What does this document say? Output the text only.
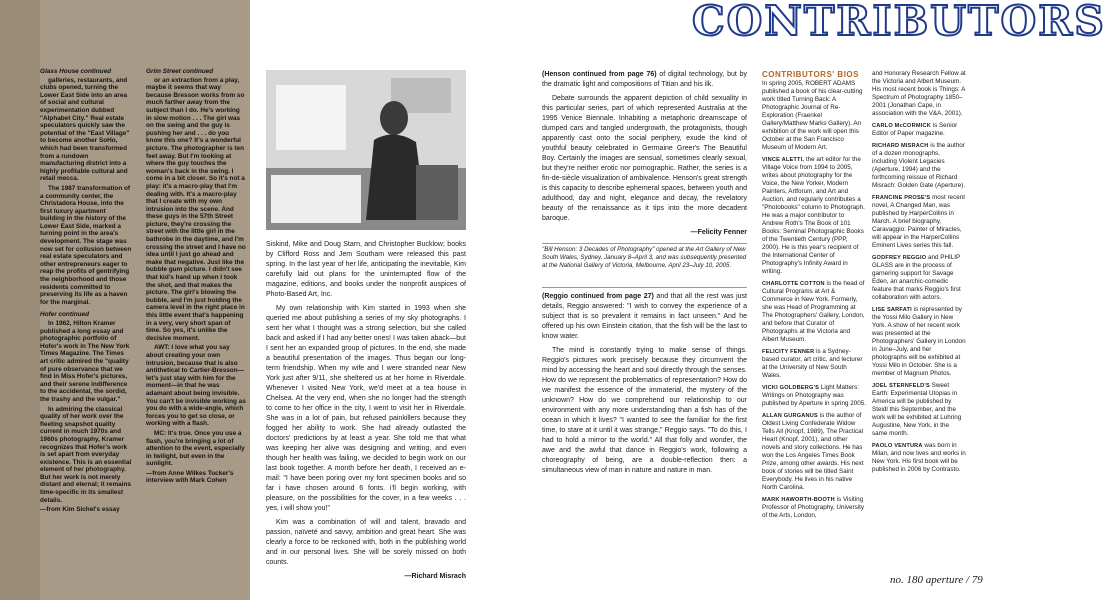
Glass House continued

galleries, restaurants, and clubs opened, turning the Lower East Side into an area of social and cultural experimentation dubbed "Alphabet City." Real estate speculators quickly saw the potential of the "East Village" to become another SoHo, which had been transformed from a rundown manufacturing district into a highly profitable cultural and retail mecca.

The 1987 transformation of a community center, the Christadora House, into the first luxury apartment building in the history of the Lower East Side, marked a turning point in the area's development. The stage was now set for collusion between real estate speculators and other entrepreneurs eager to reap the profits of gentrifying the neighborhood and those residents committed to preserving its life as a haven for the marginal.

Hofer continued

In 1962, Hilton Kramer published a long essay and photographic portfolio of Hofer's work in The New York Times Magazine. The Times art critic admired the "quality of pure observance that we find in Miss Hofer's pictures, and their serene indifference to the accidental, the sordid, the trashy and the vulgar."

In admiring the classical quality of her work over the fleeting snapshot quality current in much 1970s and 1960s photography, Kramer recognizes that Hofer's work is set apart from everyday existence. This is an essential element of her photography. But her work is not merely distant and eternal; it remains time-specific in its smallest details.

—from Kim Sichel's essay
Grim Street continued

or an extraction from a play, maybe it seems that way because Bresson works from so much farther away from the subject than I do. He's working in slow motion . . . The girl was on the swing and the guy is pushing her and . . . do you know this one? It's a wonderful picture. The photographer is ten feet away. But I'm looking at where the guy touches the woman's back in the swing. I come in a bit closer. So it's not a play: it's a macro-play that I'm dealing with. It's a macro-play that I create with my own intrusion into the scene. And these guys in the 57th Street picture, they're crossing the street with the little girl in the bathrobe in the daytime, and I'm crossing the street and I have no idea until I just go ahead and make that negative. Just like the bubble gum picture. I didn't see that kid's hand up when I took the shot, and that makes the picture. The girl's blowing the bubble, and I'm just holding the camera level in the right place in this little event that's happening in a very, very short span of time. So yes, it's unlike the decisive moment.

AWT: I love what you say about creating your own intrusion, because that is also antithetical to Cartier-Bresson—let's just stay with him for the moment—in that he was adamant about being invisible. You can't be invisible working as you do with a wide-angle, which forces you to get so close, or working with a flash.

MC: It's true. Once you use a flash, you're bringing a lot of attention to the event, especially in twilight, but even in the sunlight.

—from Anne Wilkes Tucker's interview with Mark Cohen

Siskind, Mike and Doug Starn, and Christopher Bucklow; books by Clifford Ross and Jem Southam were released this past spring. In the last year of her life, anticipating the inevitable, Kim carefully laid out plans for the uninterrupted flow of the magazine, editions, and books under the nonprofit auspices of Photo-Based Art, Inc.

My own relationship with Kim started in 1993 when she queried me about publishing a series of my sky photographs. I sent her what I thought was a strong selection, but she called back and asked if I had any better ones! I was taken aback—but I sent her an expanded group of pictures. In the end, she made a beautiful presentation of the images. Thus began our long-term friendship. When my wife and I were stranded near New York just after 9/11, she sheltered us at her home in Riverdale. Whenever I visited New York, we'd meet at a tea house in Chelsea. At the very end, when she no longer had the strength to come to her office in the city, I went to visit her in Riverdale. She was in a lot of pain, but refused painkillers because they fogged her ability to work. She had already outlasted the doctors' predictions by at least a year. She told me that what was keeping her alive was designing and writing, and even though her health was failing, we decided to begin work on our last book together. A month before her death, I received an e-mail: "I have been poring over my font specimen books and so far i have chosen around 6 fonts. i'll begin working, with pleasure, on the possibilities for the cover, in a few weeks . . . yes, i will show you!"

Kim was a combination of will and talent, bravado and passion, naïveté and savvy, ambition and great heart. She was clearly a force to be reckoned with, both in the publishing world and in our personal lives. She will be sorely missed on both counts.

—Richard Misrach

(Henson continued from page 76) of digital technology, but by the dramatic light and compositions of Titian and his ilk.

Debate surrounds the apparent depiction of child sexuality in this particular series, part of which represented Australia at the 1995 Venice Biennale. Inhabiting a metaphoric dreamscape of dumped cars and tangled undergrowth, the protagonists, though apparently cast onto the social periphery, exude the kind of youthful beauty celebrated in Germaine Greer's The Beautiful Boy. Certainly the images are sensual, sometimes clearly sexual, but they're neither erotic nor pornographic. Rather, the series is a fin-de-siècle visualization of ambivalence. Henson's great strength is this capacity to describe ephemeral spaces, between youth and adulthood, day and night, elegance and decay, the revelatory beauty of the renaissance as it tips into the more decadent baroque.

—Felicity Fenner
"Bill Henson: 3 Decades of Photography" opened at the Art Gallery of New South Wales, Sydney, January 8–April 3, and was subsequently presented at the National Gallery of Victoria, Melbourne, April 23–July 10, 2005.

(Reggio continued from page 27) and that all the rest was just details, Reggio answered: "I wish to convey the experience of a subject that is so prevalent it remains in fact unseen." And he offered up his own Einstein citation, that the fish will be the last to know water.

The mind is constantly trying to make sense of things. Reggio's pictures work precisely because they circumvent the mind by accessing the heart and soul directly through the senses. How do we represent the problematics of representation? How do we manifest the essence of the immaterial, the mystery of the unknown? How do we comprehend our relationship to our environment with any more understanding than a fish has of the ocean in which it lives? "I wanted to see the familiar for the first time, to stare at it until it was strange," Reggio says. "To do this, I had to hold a mirror to the world." All that folly and wonder, the awe and the awful that dance in Reggio's work, following a choreography of being, are a double-reflection then: a simultaneous view of man in nature and nature in man.

CONTRIBUTORS
CONTRIBUTORS' BIOS

In spring 2005, ROBERT ADAMS published a book of his clear-cutting work titled Turning Back: A Photographic Journal of Re-Exploration (Fraenkel Gallery/Matthew Marks Gallery). An exhibition of the work will open this October at the San Francisco Museum of Modern Art.

VINCE ALETTI, the art editor for the Village Voice from 1994 to 2005, writes about photography for the Voice, the New Yorker, Modern Painters, Artforum, and Art and Auction, and regularly contributes a "Photobooks" column to Photograph. He was a major contributor to Andrew Roth's The Book of 101 Books: Seminal Photographic Books of the Twentieth Century (PPP, 2000). He is this year's recipient of the International Center of Photography's Infinity Award in writing.

CHARLOTTE COTTON is the head of Cultural Programs at Art & Commerce in New York. Formerly, she was Head of Programming at The Photographers' Gallery, London, and before that Curator of Photographs at the Victoria and Albert Museum.

FELICITY FENNER is a Sydney-based curator, art critic, and lecturer at the University of New South Wales.

VICKI GOLDBERG'S Light Matters: Writings on Photography was published by Aperture in spring 2005.

ALLAN GURGANUS is the author of Oldest Living Confederate Widow Tells All (Knopf, 1989), The Practical Heart (Knopf, 2001), and other novels and story collections. He has won the Los Angeles Times Book Prize, among other awards. His next book of stories will be titled Saint Everybody. He lives in his native North Carolina.

MARK HAWORTH-BOOTH is Visiting Professor of Photography, University of the Arts, London,

and Honorary Research Fellow at the Victoria and Albert Museum. His most recent book is Things: A Spectrum of Photography 1850–2001 (Jonathan Cape, in association with the V&A, 2001).

CARLO McCORMICK is Senior Editor of Paper magazine.

RICHARD MISRACH is the author of a dozen monographs, including Violent Legacies (Aperture, 1994) and the forthcoming reissue of Richard Misrach: Golden Gate (Aperture).

FRANCINE PROSE'S most recent novel, A Changed Man, was published by HarperCollins in March. A brief biography, Caravaggio: Painter of Miracles, will appear in the HarperCollins Eminent Lives series this fall.

GODFREY REGGIO and PHILIP GLASS are in the process of garnering support for Savage Eden, an anarchic-comedic feature that marks Reggio's first collaboration with actors.

LISE SARFATI is represented by the Yossi Milo Gallery in New York. A show of her recent work was presented at the Photographers' Gallery in London in June–July, and her photographs will be exhibited at Yossi Milo in October. She is a member of Magnum Photos.

JOEL STERNFELD'S Sweet Earth: Experimental Utopias in America will be published by Steidl this September, and the work will be exhibited at Luhring Augustine, New York, in the same month.

PAOLO VENTURA was born in Milan, and now lives and works in New York. His first book will be published in 2006 by Contrasto.

no. 180 aperture / 79
